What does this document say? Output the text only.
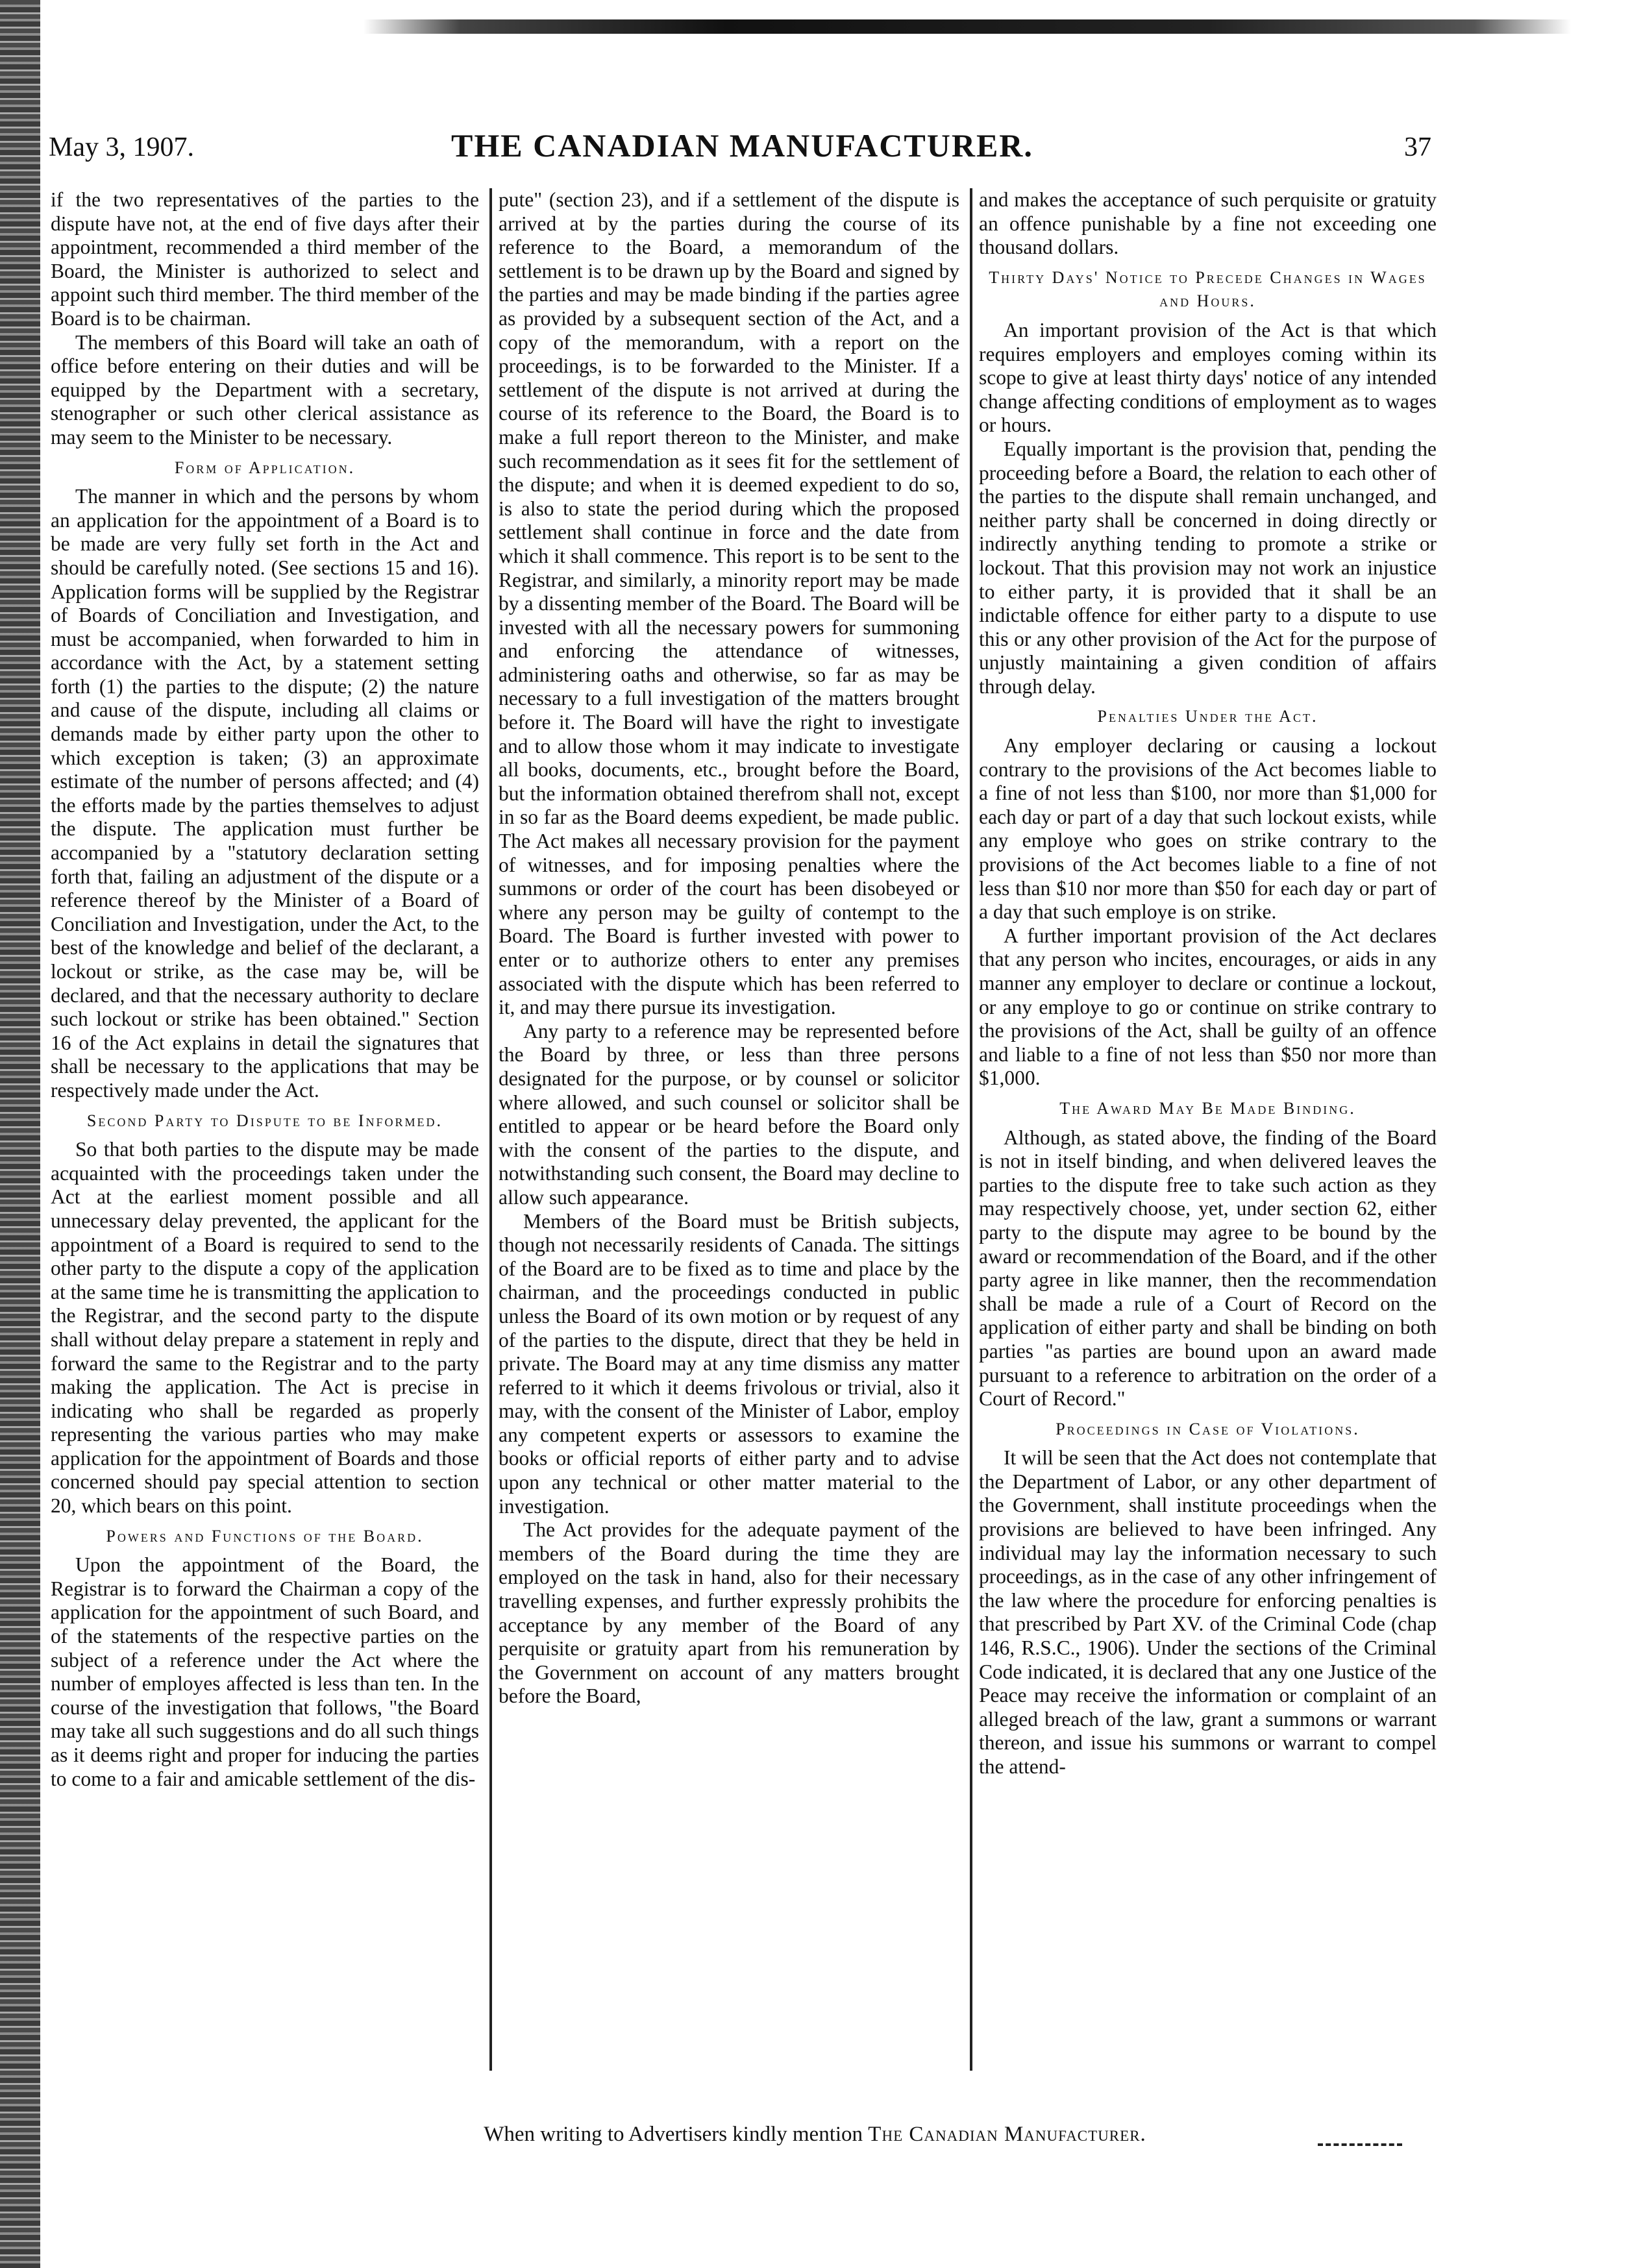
May 3, 1907.	THE CANADIAN MANUFACTURER.	37

if the two representatives of the parties to the dispute have not, at the end of five days after their appointment, recommended a third member of the Board, the Minister is authorized to select and appoint such third member. The third member of the Board is to be chairman.

The members of this Board will take an oath of office before entering on their duties and will be equipped by the Department with a secretary, stenographer or such other clerical assistance as may seem to the Minister to be necessary.

Form of Application.

The manner in which and the persons by whom an application for the appointment of a Board is to be made are very fully set forth in the Act and should be carefully noted. (See sections 15 and 16). Application forms will be supplied by the Registrar of Boards of Conciliation and Investigation, and must be accompanied, when forwarded to him in accordance with the Act, by a statement setting forth (1) the parties to the dispute; (2) the nature and cause of the dispute, including all claims or demands made by either party upon the other to which exception is taken; (3) an approximate estimate of the number of persons affected; and (4) the efforts made by the parties themselves to adjust the dispute. The application must further be accompanied by a "statutory declaration setting forth that, failing an adjustment of the dispute or a reference thereof by the Minister of a Board of Conciliation and Investigation, under the Act, to the best of the knowledge and belief of the declarant, a lockout or strike, as the case may be, will be declared, and that the necessary authority to declare such lockout or strike has been obtained." Section 16 of the Act explains in detail the signatures that shall be necessary to the applications that may be respectively made under the Act.

Second Party to Dispute to be Informed.

So that both parties to the dispute may be made acquainted with the proceedings taken under the Act at the earliest moment possible and all unnecessary delay prevented, the applicant for the appointment of a Board is required to send to the other party to the dispute a copy of the application at the same time he is transmitting the application to the Registrar, and the second party to the dispute shall without delay prepare a statement in reply and forward the same to the Registrar and to the party making the application. The Act is precise in indicating who shall be regarded as properly representing the various parties who may make application for the appointment of Boards and those concerned should pay special attention to section 20, which bears on this point.

Powers and Functions of the Board.

Upon the appointment of the Board, the Registrar is to forward the Chairman a copy of the application for the appointment of such Board, and of the statements of the respective parties on the subject of a reference under the Act where the number of employes affected is less than ten. In the course of the investigation that follows, "the Board may take all such suggestions and do all such things as it deems right and proper for inducing the parties to come to a fair and amicable settlement of the dis-

pute" (section 23), and if a settlement of the dispute is arrived at by the parties during the course of its reference to the Board, a memorandum of the settlement is to be drawn up by the Board and signed by the parties and may be made binding if the parties agree as provided by a subsequent section of the Act, and a copy of the memorandum, with a report on the proceedings, is to be forwarded to the Minister. If a settlement of the dispute is not arrived at during the course of its reference to the Board, the Board is to make a full report thereon to the Minister, and make such recommendation as it sees fit for the settlement of the dispute; and when it is deemed expedient to do so, is also to state the period during which the proposed settlement shall continue in force and the date from which it shall commence. This report is to be sent to the Registrar, and similarly, a minority report may be made by a dissenting member of the Board. The Board will be invested with all the necessary powers for summoning and enforcing the attendance of witnesses, administering oaths and otherwise, so far as may be necessary to a full investigation of the matters brought before it. The Board will have the right to investigate and to allow those whom it may indicate to investigate all books, documents, etc., brought before the Board, but the information obtained therefrom shall not, except in so far as the Board deems expedient, be made public. The Act makes all necessary provision for the payment of witnesses, and for imposing penalties where the summons or order of the court has been disobeyed or where any person may be guilty of contempt to the Board. The Board is further invested with power to enter or to authorize others to enter any premises associated with the dispute which has been referred to it, and may there pursue its investigation.

Any party to a reference may be represented before the Board by three, or less than three persons designated for the purpose, or by counsel or solicitor where allowed, and such counsel or solicitor shall be entitled to appear or be heard before the Board only with the consent of the parties to the dispute, and notwithstanding such consent, the Board may decline to allow such appearance.

Members of the Board must be British subjects, though not necessarily residents of Canada. The sittings of the Board are to be fixed as to time and place by the chairman, and the proceedings conducted in public unless the Board of its own motion or by request of any of the parties to the dispute, direct that they be held in private. The Board may at any time dismiss any matter referred to it which it deems frivolous or trivial, also it may, with the consent of the Minister of Labor, employ any competent experts or assessors to examine the books or official reports of either party and to advise upon any technical or other matter material to the investigation.

The Act provides for the adequate payment of the members of the Board during the time they are employed on the task in hand, also for their necessary travelling expenses, and further expressly prohibits the acceptance by any member of the Board of any perquisite or gratuity apart from his remuneration by the Government on account of any matters brought before the Board,

and makes the acceptance of such perquisite or gratuity an offence punishable by a fine not exceeding one thousand dollars.

Thirty Days' Notice to Precede Changes in Wages and Hours.

An important provision of the Act is that which requires employers and employes coming within its scope to give at least thirty days' notice of any intended change affecting conditions of employment as to wages or hours.

Equally important is the provision that, pending the proceeding before a Board, the relation to each other of the parties to the dispute shall remain unchanged, and neither party shall be concerned in doing directly or indirectly anything tending to promote a strike or lockout. That this provision may not work an injustice to either party, it is provided that it shall be an indictable offence for either party to a dispute to use this or any other provision of the Act for the purpose of unjustly maintaining a given condition of affairs through delay.

Penalties Under the Act.

Any employer declaring or causing a lockout contrary to the provisions of the Act becomes liable to a fine of not less than $100, nor more than $1,000 for each day or part of a day that such lockout exists, while any employe who goes on strike contrary to the provisions of the Act becomes liable to a fine of not less than $10 nor more than $50 for each day or part of a day that such employe is on strike.

A further important provision of the Act declares that any person who incites, encourages, or aids in any manner any employer to declare or continue a lockout, or any employe to go or continue on strike contrary to the provisions of the Act, shall be guilty of an offence and liable to a fine of not less than $50 nor more than $1,000.

The Award May Be Made Binding.

Although, as stated above, the finding of the Board is not in itself binding, and when delivered leaves the parties to the dispute free to take such action as they may respectively choose, yet, under section 62, either party to the dispute may agree to be bound by the award or recommendation of the Board, and if the other party agree in like manner, then the recommendation shall be made a rule of a Court of Record on the application of either party and shall be binding on both parties "as parties are bound upon an award made pursuant to a reference to arbitration on the order of a Court of Record."

Proceedings in Case of Violations.

It will be seen that the Act does not contemplate that the Department of Labor, or any other department of the Government, shall institute proceedings when the provisions are believed to have been infringed. Any individual may lay the information necessary to such proceedings, as in the case of any other infringement of the law where the procedure for enforcing penalties is that prescribed by Part XV. of the Criminal Code (chap 146, R.S.C., 1906). Under the sections of the Criminal Code indicated, it is declared that any one Justice of the Peace may receive the information or complaint of an alleged breach of the law, grant a summons or warrant thereon, and issue his summons or warrant to compel the attend-

When writing to Advertisers kindly mention The Canadian Manufacturer.
